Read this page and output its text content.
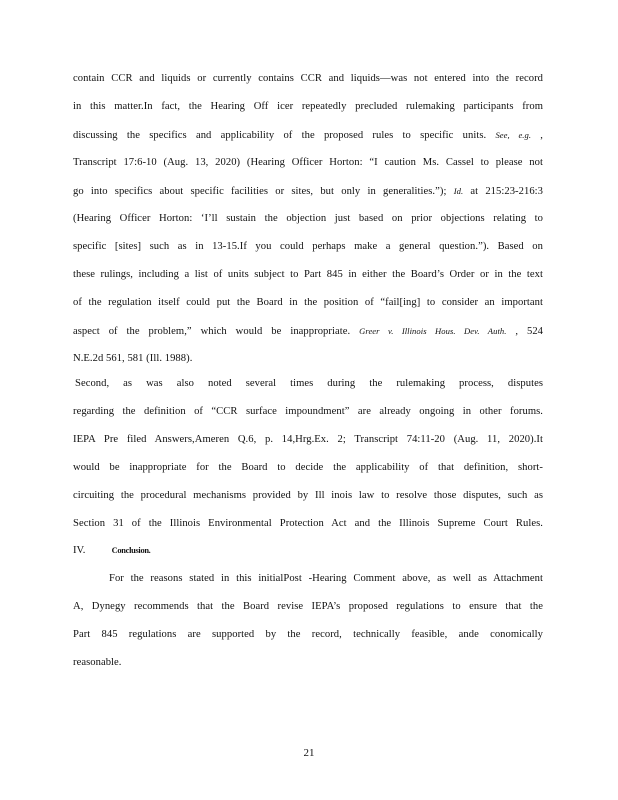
contain CCR and liquids or currently contains CCR and liquids—was not entered into the record
in this matter.In fact, the Hearing Off icer repeatedly precluded rulemaking participants from
discussing the specifics and applicability of the proposed rules to specific units. See, e.g. ,
Transcript 17:6-10 (Aug. 13, 2020) (Hearing Officer Horton: “I caution Ms. Cassel to please not
go into specifics about specific facilities or sites, but only in generalities.”); Id. at 215:23-216:3
(Hearing Officer Horton: ‘I’ll sustain the objection just based on prior objections relating to
specific [sites] such as in 13-15.If you could perhaps make a general question.”). Based on
these rulings, including a list of units subject to Part 845 in either the Board’s Order or in the text
of the regulation itself could put the Board in the position of “fail[ing] to consider an important
aspect of the problem,” which would be inappropriate. Greer v. Illinois Hous. Dev. Auth. , 524
N.E.2d 561, 581 (Ill. 1988).
Second, as was also noted several times during the rulemaking process, disputes
regarding the definition of “CCR surface impoundment” are already ongoing in other forums.
IEPA Pre filed Answers,Ameren Q.6, p. 14,Hrg.Ex. 2; Transcript 74:11-20 (Aug. 11, 2020).It
would be inappropriate for the Board to decide the applicability of that definition, short-
circuiting the procedural mechanisms provided by Ill inois law to resolve those disputes, such as
Section 31 of the Illinois Environmental Protection Act and the Illinois Supreme Court Rules.
IV.	Conclusion.
For the reasons stated in this initialPost -Hearing Comment above, as well as Attachment
A, Dynegy recommends that the Board revise IEPA’s proposed regulations to ensure that the
Part 845 regulations are supported by the record, technically feasible, ande conomically
reasonable.
21
